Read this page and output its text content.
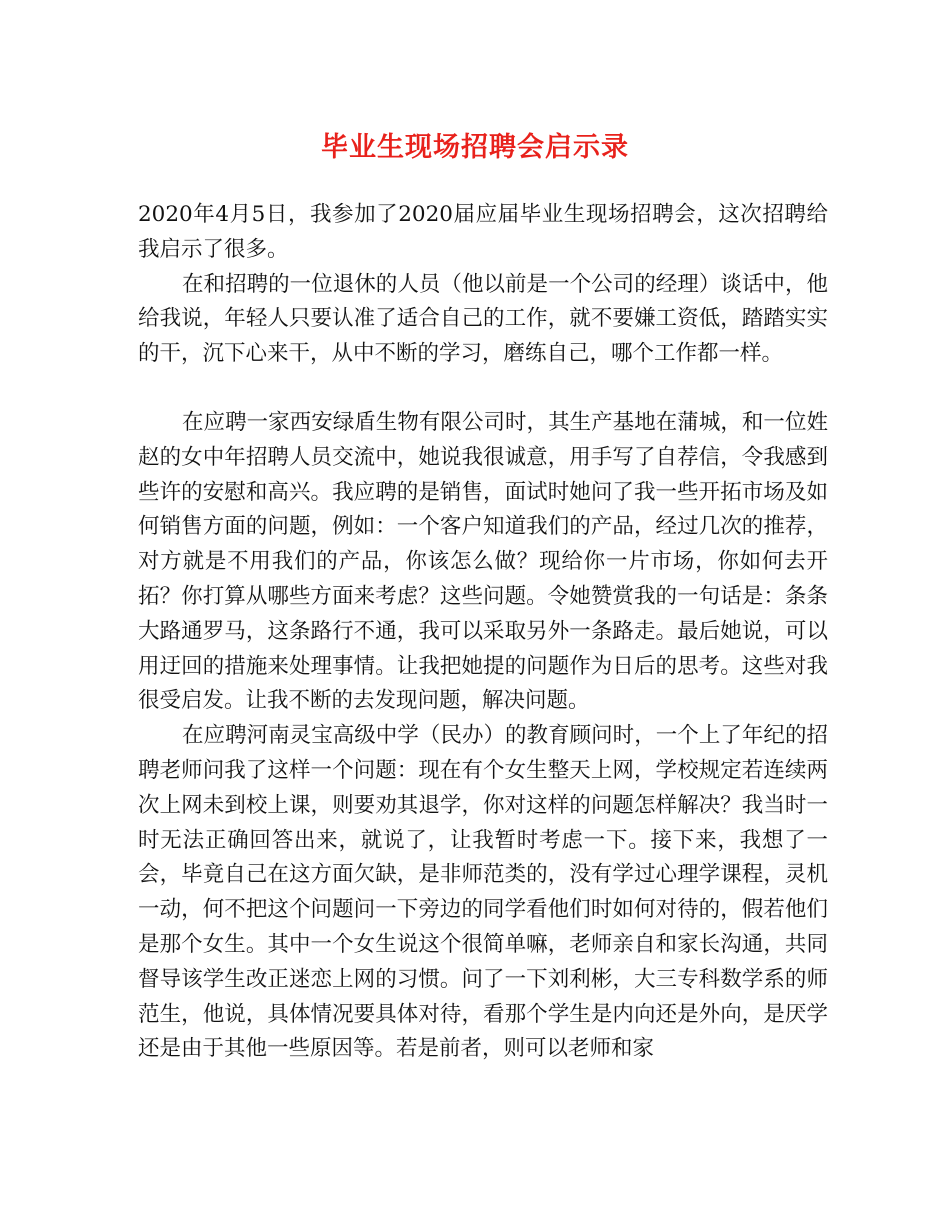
毕业生现场招聘会启示录

2020年4月5日，我参加了2020届应届毕业生现场招聘会，这次招聘给我启示了很多。

在和招聘的一位退休的人员（他以前是一个公司的经理）谈话中，他给我说，年轻人只要认准了适合自己的工作，就不要嫌工资低，踏踏实实的干，沉下心来干，从中不断的学习，磨练自己，哪个工作都一样。

在应聘一家西安绿盾生物有限公司时，其生产基地在蒲城，和一位姓赵的女中年招聘人员交流中，她说我很诚意，用手写了自荐信，令我感到些许的安慰和高兴。我应聘的是销售，面试时她问了我一些开拓市场及如何销售方面的问题，例如：一个客户知道我们的产品，经过几次的推荐，对方就是不用我们的产品，你该怎么做？现给你一片市场，你如何去开拓？你打算从哪些方面来考虑？这些问题。令她赞赏我的一句话是：条条大路通罗马，这条路行不通，我可以采取另外一条路走。最后她说，可以用迂回的措施来处理事情。让我把她提的问题作为日后的思考。这些对我很受启发。让我不断的去发现问题，解决问题。

在应聘河南灵宝高级中学（民办）的教育顾问时，一个上了年纪的招聘老师问我了这样一个问题：现在有个女生整天上网，学校规定若连续两次上网未到校上课，则要劝其退学，你对这样的问题怎样解决？我当时一时无法正确回答出来，就说了，让我暂时考虑一下。接下来，我想了一会，毕竟自己在这方面欠缺，是非师范类的，没有学过心理学课程，灵机一动，何不把这个问题问一下旁边的同学看他们时如何对待的，假若他们是那个女生。其中一个女生说这个很简单嘛，老师亲自和家长沟通，共同督导该学生改正迷恋上网的习惯。问了一下刘利彬，大三专科数学系的师范生，他说，具体情况要具体对待，看那个学生是内向还是外向，是厌学还是由于其他一些原因等。若是前者，则可以老师和家
